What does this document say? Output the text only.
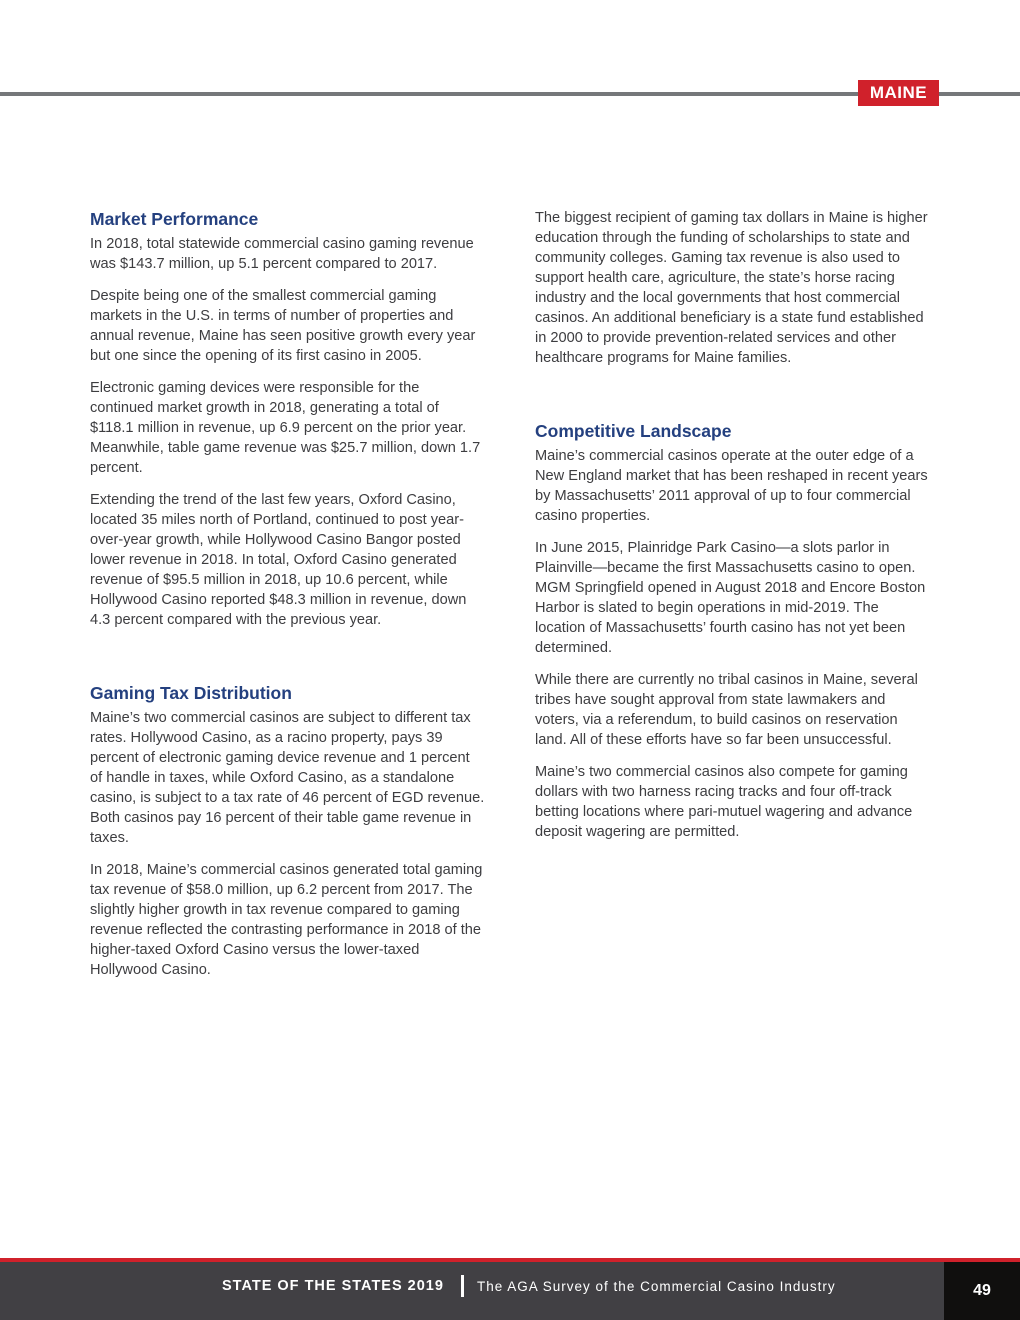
MAINE
Market Performance

In 2018, total statewide commercial casino gaming revenue was $143.7 million, up 5.1 percent compared to 2017.

Despite being one of the smallest commercial gaming markets in the U.S. in terms of number of properties and annual revenue, Maine has seen positive growth every year but one since the opening of its first casino in 2005.

Electronic gaming devices were responsible for the continued market growth in 2018, generating a total of $118.1 million in revenue, up 6.9 percent on the prior year. Meanwhile, table game revenue was $25.7 million, down 1.7 percent.

Extending the trend of the last few years, Oxford Casino, located 35 miles north of Portland, continued to post year-over-year growth, while Hollywood Casino Bangor posted lower revenue in 2018. In total, Oxford Casino generated revenue of $95.5 million in 2018, up 10.6 percent, while Hollywood Casino reported $48.3 million in revenue, down 4.3 percent compared with the previous year.

Gaming Tax Distribution

Maine’s two commercial casinos are subject to different tax rates. Hollywood Casino, as a racino property, pays 39 percent of electronic gaming device revenue and 1 percent of handle in taxes, while Oxford Casino, as a standalone casino, is subject to a tax rate of 46 percent of EGD revenue. Both casinos pay 16 percent of their table game revenue in taxes.

In 2018, Maine’s commercial casinos generated total gaming tax revenue of $58.0 million, up 6.2 percent from 2017. The slightly higher growth in tax revenue compared to gaming revenue reflected the contrasting performance in 2018 of the higher-taxed Oxford Casino versus the lower-taxed Hollywood Casino.

The biggest recipient of gaming tax dollars in Maine is higher education through the funding of scholarships to state and community colleges. Gaming tax revenue is also used to support health care, agriculture, the state’s horse racing industry and the local governments that host commercial casinos. An additional beneficiary is a state fund established in 2000 to provide prevention-related services and other healthcare programs for Maine families.

Competitive Landscape

Maine’s commercial casinos operate at the outer edge of a New England market that has been reshaped in recent years by Massachusetts’ 2011 approval of up to four commercial casino properties.

In June 2015, Plainridge Park Casino—a slots parlor in Plainville—became the first Massachusetts casino to open. MGM Springfield opened in August 2018 and Encore Boston Harbor is slated to begin operations in mid-2019. The location of Massachusetts’ fourth casino has not yet been determined.

While there are currently no tribal casinos in Maine, several tribes have sought approval from state lawmakers and voters, via a referendum, to build casinos on reservation land. All of these efforts have so far been unsuccessful.

Maine’s two commercial casinos also compete for gaming dollars with two harness racing tracks and four off-track betting locations where pari-mutuel wagering and advance deposit wagering are permitted.

STATE OF THE STATES 2019 The AGA Survey of the Commercial Casino Industry	49
